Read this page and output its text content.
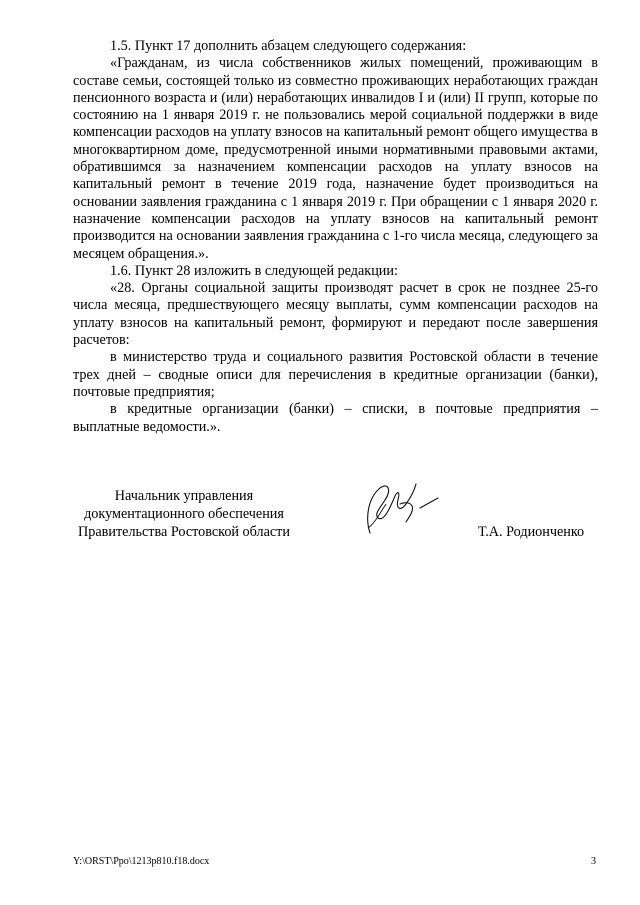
1.5. Пункт 17 дополнить абзацем следующего содержания:

«Гражданам, из числа собственников жилых помещений, проживающим в составе семьи, состоящей только из совместно проживающих неработающих граждан пенсионного возраста и (или) неработающих инвалидов I и (или) II групп, которые по состоянию на 1 января 2019 г. не пользовались мерой социальной поддержки в виде компенсации расходов на уплату взносов на капитальный ремонт общего имущества в многоквартирном доме, предусмотренной иными нормативными правовыми актами, обратившимся за назначением компенсации расходов на уплату взносов на капитальный ремонт в течение 2019 года, назначение будет производиться на основании заявления гражданина с 1 января 2019 г. При обращении с 1 января 2020 г. назначение компенсации расходов на уплату взносов на капитальный ремонт производится на основании заявления гражданина с 1-го числа месяца, следующего за месяцем обращения.».

1.6. Пункт 28 изложить в следующей редакции:

«28. Органы социальной защиты производят расчет в срок не позднее 25-го числа месяца, предшествующего месяцу выплаты, сумм компенсации расходов на уплату взносов на капитальный ремонт, формируют и передают после завершения расчетов:

в министерство труда и социального развития Ростовской области в течение трех дней – сводные описи для перечисления в кредитные организации (банки), почтовые предприятия;

в кредитные организации (банки) – списки, в почтовые предприятия – выплатные ведомости.».

Начальник управления
документационного обеспечения
Правительства Ростовской области	Т.А. Родионченко
Y:\ORST\Ppo\1213p810.f18.docx	3
